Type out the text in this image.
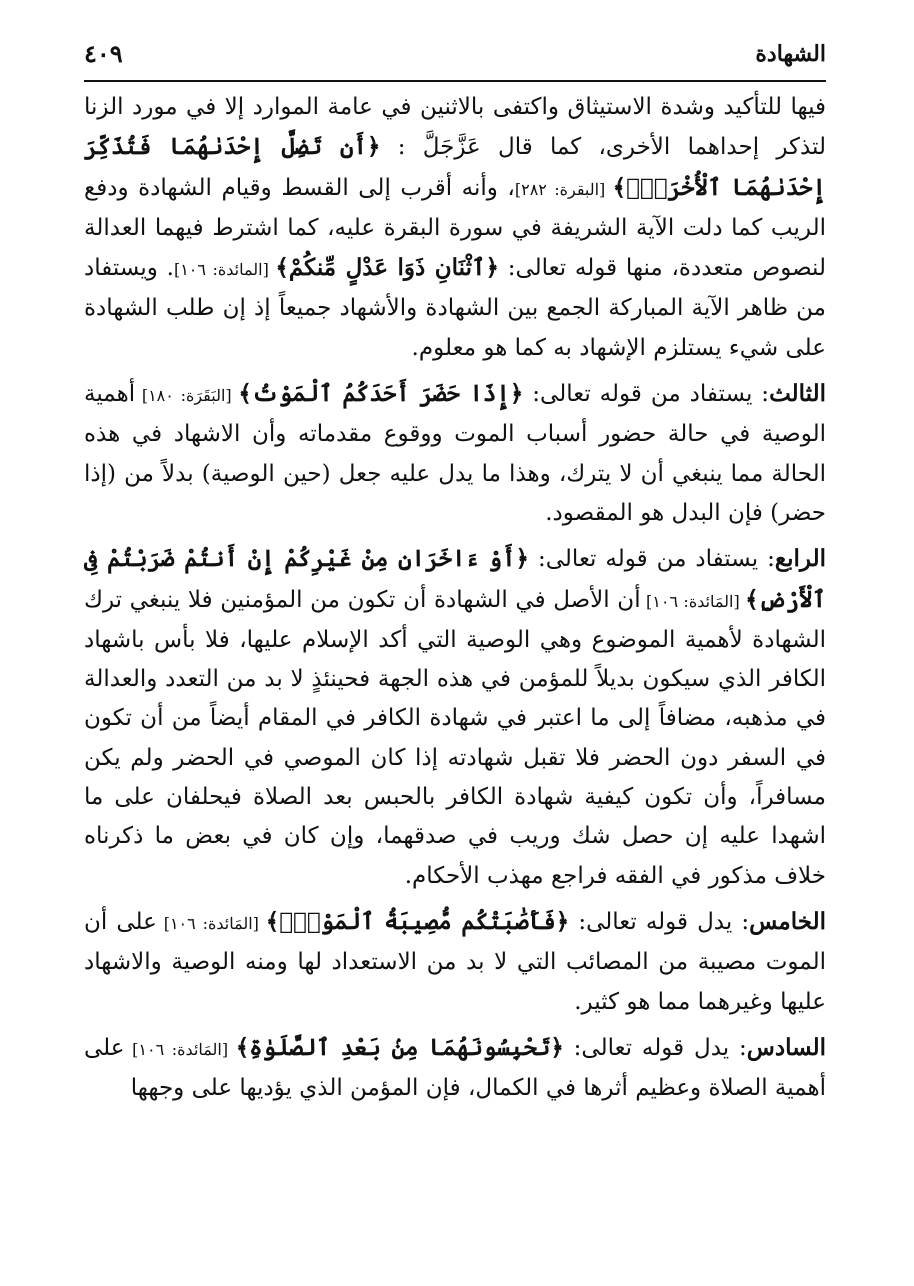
الشهادة
٤٠٩

فيها للتأكيد وشدة الاستيثاق واكتفى بالاثنين في عامة الموارد إلا في مورد الزنا لتذكر إحداهما الأخرى، كما قال عَزَّجَلَّ : ﴿أَن تَضِلَّ إِحْدَىٰهُمَا فَتُذَكِّرَ إِحْدَىٰهُمَا ٱلْأُخْرَىٰۚ﴾ [البقرة: ٢٨٢]، وأنه أقرب إلى القسط وقيام الشهادة ودفع الريب كما دلت الآية الشريفة في سورة البقرة عليه، كما اشترط فيهما العدالة لنصوص متعددة، منها قوله تعالى: ﴿ٱثْنَانِ ذَوَا عَدْلٍ مِّنكُمْ﴾ [المائدة: ١٠٦]. ويستفاد من ظاهر الآية المباركة الجمع بين الشهادة والأشهاد جميعاً إذ إن طلب الشهادة على شيء يستلزم الإشهاد به كما هو معلوم.

الثالث: يستفاد من قوله تعالى: ﴿إِذَا حَضَرَ أَحَدَكُمُ ٱلْمَوْتُ﴾ [البَقَرَة: ١٨٠] أهمية الوصية في حالة حضور أسباب الموت ووقوع مقدماته وأن الاشهاد في هذه الحالة مما ينبغي أن لا يترك، وهذا ما يدل عليه جعل (حين الوصية) بدلاً من (إذا حضر) فإن البدل هو المقصود.

الرابع: يستفاد من قوله تعالى: ﴿أَوْ ءَاخَرَانِ مِنْ غَيْرِكُمْ إِنْ أَنتُمْ ضَرَبْتُمْ فِى ٱلْأَرْضِ﴾ [المَائدة: ١٠٦] أن الأصل في الشهادة أن تكون من المؤمنين فلا ينبغي ترك الشهادة لأهمية الموضوع وهي الوصية التي أكد الإسلام عليها، فلا بأس باشهاد الكافر الذي سيكون بديلاً للمؤمن في هذه الجهة فحينئذٍ لا بد من التعدد والعدالة في مذهبه، مضافاً إلى ما اعتبر في شهادة الكافر في المقام أيضاً من أن تكون في السفر دون الحضر فلا تقبل شهادته إذا كان الموصي في الحضر ولم يكن مسافراً، وأن تكون كيفية شهادة الكافر بالحبس بعد الصلاة فيحلفان على ما اشهدا عليه إن حصل شك وريب في صدقهما، وإن كان في بعض ما ذكرناه خلاف مذكور في الفقه فراجع مهذب الأحكام.

الخامس: يدل قوله تعالى: ﴿فَأَصَٰبَتْكُم مُّصِيبَةُ ٱلْمَوْتِۚ﴾ [المَائدة: ١٠٦] على أن الموت مصيبة من المصائب التي لا بد من الاستعداد لها ومنه الوصية والاشهاد عليها وغيرهما مما هو كثير.

السادس: يدل قوله تعالى: ﴿تَحْبِسُونَهُمَا مِنۢ بَعْدِ ٱلصَّلَوٰةِ﴾ [المَائدة: ١٠٦] على أهمية الصلاة وعظيم أثرها في الكمال، فإن المؤمن الذي يؤديها على وجهها
